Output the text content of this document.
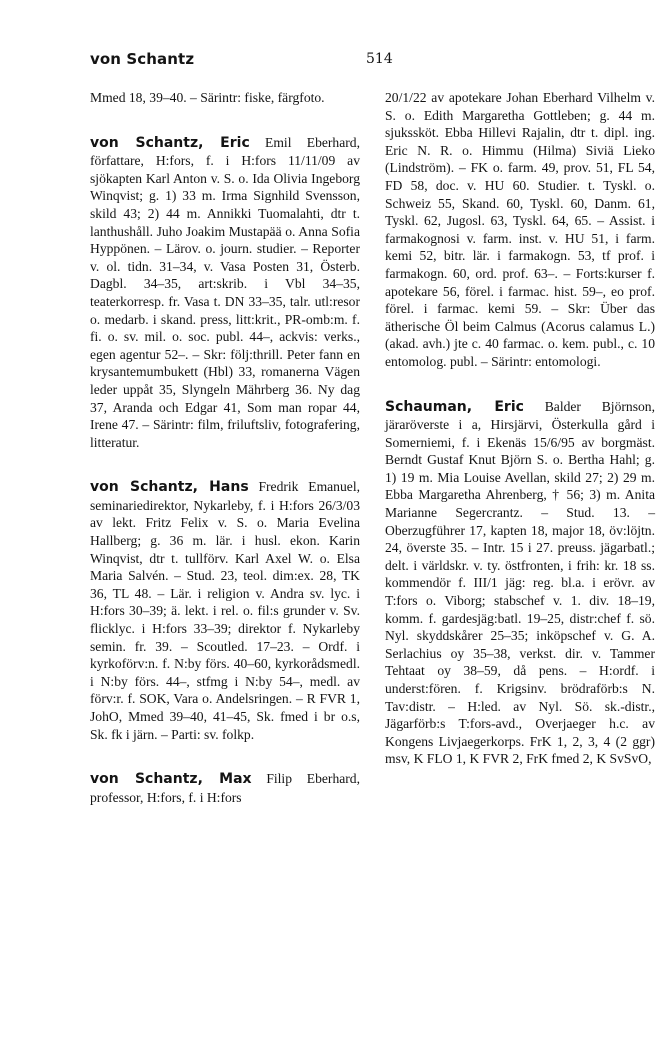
von Schantz	514

Mmed 18, 39–40. – Särintr: fiske, färgfoto.

von Schantz, Eric Emil Eberhard, författare, H:fors, f. i H:fors 11/11/09 av sjökapten Karl Anton v. S. o. Ida Olivia Ingeborg Winqvist; g. 1) 33 m. Irma Signhild Svensson, skild 43; 2) 44 m. Annikki Tuomalahti, dtr t. lanthushåll. Juho Joakim Mustapää o. Anna Sofia Hyppönen. – Lärov. o. journ. studier. – Reporter v. ol. tidn. 31–34, v. Vasa Posten 31, Österb. Dagbl. 34–35, art:skrib. i Vbl 34–35, teaterkorresp. fr. Vasa t. DN 33–35, talr. utl:resor o. medarb. i skand. press, litt:krit., PR-omb:m. f. fi. o. sv. mil. o. soc. publ. 44–, ackvis: verks., egen agentur 52–. – Skr: följ:thrill. Peter fann en krysantemumbukett (Hbl) 33, romanerna Vägen leder uppåt 35, Slyngeln Mährberg 36. Ny dag 37, Aranda och Edgar 41, Som man ropar 44, Irene 47. – Särintr: film, friluftsliv, fotografering, litteratur.

von Schantz, Hans Fredrik Emanuel, seminariedirektor, Nykarleby, f. i H:fors 26/3/03 av lekt. Fritz Felix v. S. o. Maria Evelina Hallberg; g. 36 m. lär. i husl. ekon. Karin Winqvist, dtr t. tullförv. Karl Axel W. o. Elsa Maria Salvén. – Stud. 23, teol. dim:ex. 28, TK 36, TL 48. – Lär. i religion v. Andra sv. lyc. i H:fors 30–39; ä. lekt. i rel. o. fil:s grunder v. Sv. flicklyc. i H:fors 33–39; direktor f. Nykarleby semin. fr. 39. – Scoutled. 17–23. – Ordf. i kyrkoförv:n. f. N:by förs. 40–60, kyrkorådsmedl. i N:by förs. 44–, stfmg i N:by 54–, medl. av förv:r. f. SOK, Vara o. Andelsringen. – R FVR 1, JohO, Mmed 39–40, 41–45, Sk. fmed i br o.s, Sk. fk i järn. – Parti: sv. folkp.

von Schantz, Max Filip Eberhard, professor, H:fors, f. i H:fors

20/1/22 av apotekare Johan Eberhard Vilhelm v. S. o. Edith Margaretha Gottleben; g. 44 m. sjukssköt. Ebba Hillevi Rajalin, dtr t. dipl. ing. Eric N. R. o. Himmu (Hilma) Siviä Lieko (Lindström). – FK o. farm. 49, prov. 51, FL 54, FD 58, doc. v. HU 60. Studier. t. Tyskl. o. Schweiz 55, Skand. 60, Tyskl. 60, Danm. 61, Tyskl. 62, Jugosl. 63, Tyskl. 64, 65. – Assist. i farmakognosi v. farm. inst. v. HU 51, i farm. kemi 52, bitr. lär. i farmakogn. 53, tf prof. i farmakogn. 60, ord. prof. 63–. – Forts:kurser f. apotekare 56, förel. i farmac. hist. 59–, eo prof. förel. i farmac. kemi 59. – Skr: Über das ätherische Öl beim Calmus (Acorus calamus L.) (akad. avh.) jte c. 40 farmac. o. kem. publ., c. 10 entomolog. publ. – Särintr: entomologi.

Schauman, Eric Balder Björnson, järaröverste i a, Hirsjärvi, Österkulla gård i Somerniemi, f. i Ekenäs 15/6/95 av borgmäst. Berndt Gustaf Knut Björn S. o. Bertha Hahl; g. 1) 19 m. Mia Louise Avellan, skild 27; 2) 29 m. Ebba Margaretha Ahrenberg, † 56; 3) m. Anita Marianne Segercrantz. – Stud. 13. – Oberzugführer 17, kapten 18, major 18, öv:löjtn. 24, överste 35. – Intr. 15 i 27. preuss. jägarbatl.; delt. i världskr. v. ty. östfronten, i frih: kr. 18 ss. kommendör f. III/1 jäg: reg. bl.a. i erövr. av T:fors o. Viborg; stabschef v. 1. div. 18–19, komm. f. gardesjäg:batl. 19–25, distr:chef f. sö. Nyl. skyddskårer 25–35; inköpschef v. G. A. Serlachius oy 35–38, verkst. dir. v. Tammer Tehtaat oy 38–59, då pens. – H:ordf. i underst:fören. f. Krigsinv. brödraförb:s N. Tav:distr. – H:led. av Nyl. Sö. sk.-distr., Jägarförb:s T:fors-avd., Overjaeger h.c. av Kongens Livjaegerkorps. FrK 1, 2, 3, 4 (2 ggr) msv, K FLO 1, K FVR 2, FrK fmed 2, K SvSvO,
